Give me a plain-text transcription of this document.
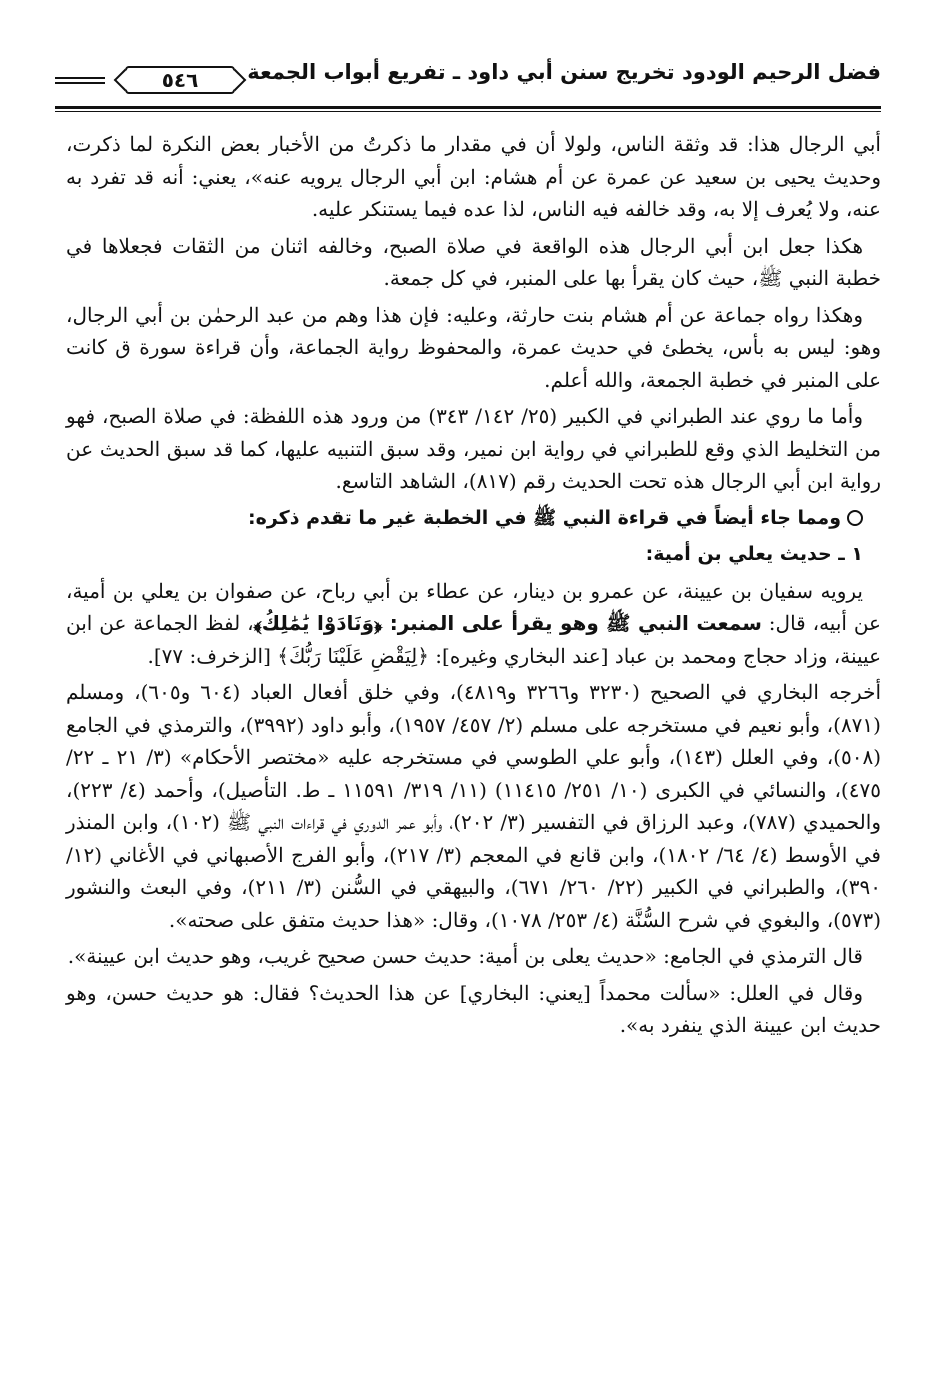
فضل الرحيم الودود تخريج سنن أبي داود ـ تفريع أبواب الجمعة
٥٤٦

أبي الرجال هذا: قد وثقة الناس، ولولا أن في مقدار ما ذكرتُ من الأخبار بعض النكرة لما ذكرت، وحديث يحيى بن سعيد عن عمرة عن أم هشام: ابن أبي الرجال يرويه عنه»، يعني: أنه قد تفرد به عنه، ولا يُعرف إلا به، وقد خالفه فيه الناس، لذا عده فيما يستنكر عليه.

هكذا جعل ابن أبي الرجال هذه الواقعة في صلاة الصبح، وخالفه اثنان من الثقات فجعلاها في خطبة النبي ﷺ، حيث كان يقرأ بها على المنبر، في كل جمعة.

وهكذا رواه جماعة عن أم هشام بنت حارثة، وعليه: فإن هذا وهم من عبد الرحمٰن بن أبي الرجال، وهو: ليس به بأس، يخطئ في حديث عمرة، والمحفوظ رواية الجماعة، وأن قراءة سورة ق كانت على المنبر في خطبة الجمعة، والله أعلم.

وأما ما روي عند الطبراني في الكبير (٢٥/ ١٤٢/ ٣٤٣) من ورود هذه اللفظة: في صلاة الصبح، فهو من التخليط الذي وقع للطبراني في رواية ابن نمير، وقد سبق التنبيه عليها، كما قد سبق الحديث عن رواية ابن أبي الرجال هذه تحت الحديث رقم (٨١٧)، الشاهد التاسع.

ومما جاء أيضاً في قراءة النبي ﷺ في الخطبة غير ما تقدم ذكره:

١ ـ حديث يعلي بن أمية:

يرويه سفيان بن عيينة، عن عمرو بن دينار، عن عطاء بن أبي رباح، عن صفوان بن يعلي بن أمية، عن أبيه، قال: سمعت النبي ﷺ وهو يقرأ على المنبر: ﴿وَنَادَوْا يَٰمَٰلِكُ﴾، لفظ الجماعة عن ابن عيينة، وزاد حجاج ومحمد بن عباد [عند البخاري وغيره]: ﴿لِيَقْضِ عَلَيْنَا رَبُّكَ﴾ [الزخرف: ٧٧].

أخرجه البخاري في الصحيح (٣٢٣٠ و٣٢٦٦ و٤٨١٩)، وفي خلق أفعال العباد (٦٠٤ و٦٠٥)، ومسلم (٨٧١)، وأبو نعيم في مستخرجه على مسلم (٢/ ٤٥٧/ ١٩٥٧)، وأبو داود (٣٩٩٢)، والترمذي في الجامع (٥٠٨)، وفي العلل (١٤٣)، وأبو علي الطوسي في مستخرجه عليه «مختصر الأحكام» (٣/ ٢١ ـ ٢٢/ ٤٧٥)، والنسائي في الكبرى (١٠/ ٢٥١/ ١١٤١٥) (١١/ ٣١٩/ ١١٥٩١ ـ ط. التأصيل)، وأحمد (٤/ ٢٢٣)، والحميدي (٧٨٧)، وعبد الرزاق في التفسير (٣/ ٢٠٢)، وأبو عمر الدوري في قراءات النبي ﷺ (١٠٢)، وابن المنذر في الأوسط (٤/ ٦٤/ ١٨٠٢)، وابن قانع في المعجم (٣/ ٢١٧)، وأبو الفرج الأصبهاني في الأغاني (١٢/ ٣٩٠)، والطبراني في الكبير (٢٢/ ٢٦٠/ ٦٧١)، والبيهقي في السُّنن (٣/ ٢١١)، وفي البعث والنشور (٥٧٣)، والبغوي في شرح السُّنَّة (٤/ ٢٥٣/ ١٠٧٨)، وقال: «هذا حديث متفق على صحته».

قال الترمذي في الجامع: «حديث يعلى بن أمية: حديث حسن صحيح غريب، وهو حديث ابن عيينة».

وقال في العلل: «سألت محمداً [يعني: البخاري] عن هذا الحديث؟ فقال: هو حديث حسن، وهو حديث ابن عيينة الذي ينفرد به».
